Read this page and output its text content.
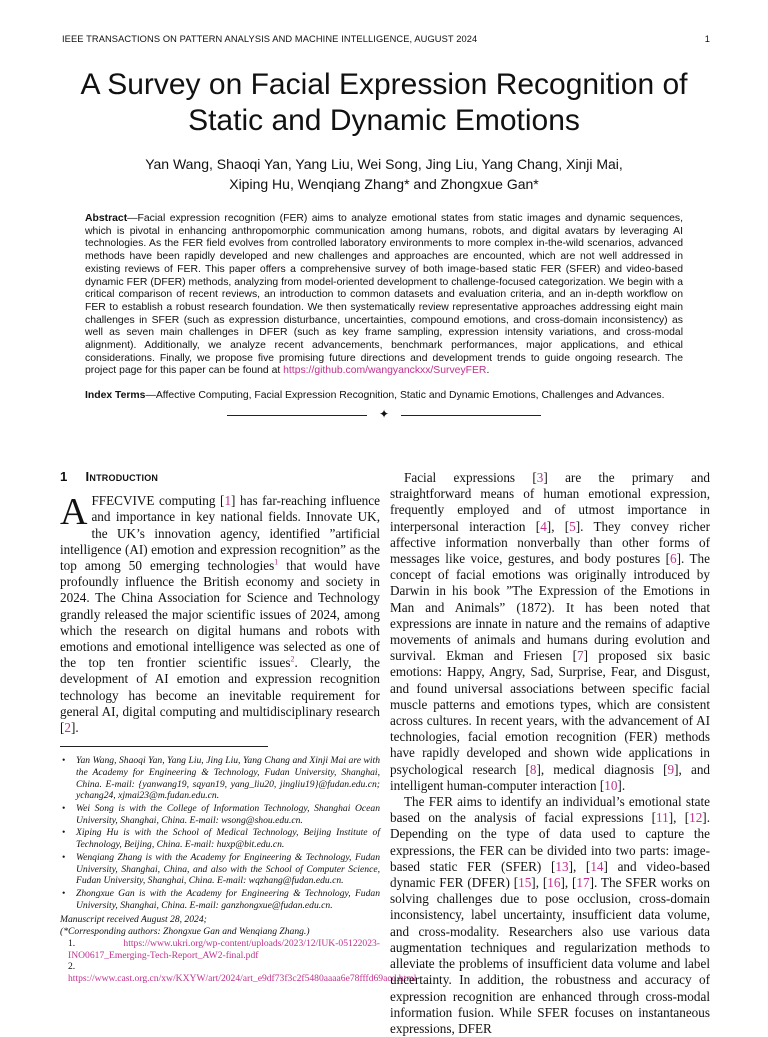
IEEE TRANSACTIONS ON PATTERN ANALYSIS AND MACHINE INTELLIGENCE, AUGUST 2024	1
A Survey on Facial Expression Recognition of
Static and Dynamic Emotions
Yan Wang, Shaoqi Yan, Yang Liu, Wei Song, Jing Liu, Yang Chang, Xinji Mai,
Xiping Hu, Wenqiang Zhang* and Zhongxue Gan*
Abstract—Facial expression recognition (FER) aims to analyze emotional states from static images and dynamic sequences, which is pivotal in enhancing anthropomorphic communication among humans, robots, and digital avatars by leveraging AI technologies. As the FER field evolves from controlled laboratory environments to more complex in-the-wild scenarios, advanced methods have been rapidly developed and new challenges and approaches are encounted, which are not well addressed in existing reviews of FER. This paper offers a comprehensive survey of both image-based static FER (SFER) and video-based dynamic FER (DFER) methods, analyzing from model-oriented development to challenge-focused categorization. We begin with a critical comparison of recent reviews, an introduction to common datasets and evaluation criteria, and an in-depth workflow on FER to establish a robust research foundation. We then systematically review representative approaches addressing eight main challenges in SFER (such as expression disturbance, uncertainties, compound emotions, and cross-domain inconsistency) as well as seven main challenges in DFER (such as key frame sampling, expression intensity variations, and cross-modal alignment). Additionally, we analyze recent advancements, benchmark performances, major applications, and ethical considerations. Finally, we propose five promising future directions and development trends to guide ongoing research. The project page for this paper can be found at https://github.com/wangyanckxx/SurveyFER.
Index Terms—Affective Computing, Facial Expression Recognition, Static and Dynamic Emotions, Challenges and Advances.
✦
1 Introduction

AFFECVIVE computing [1] has far-reaching influence and importance in key national fields. Innovate UK, the UK’s innovation agency, identified ”artificial intelligence (AI) emotion and expression recognition” as the top among 50 emerging technologies$^1$ that would have profoundly influence the British economy and society in 2024. The China Association for Science and Technology grandly released the major scientific issues of 2024, among which the research on digital humans and robots with emotions and emotional intelligence was selected as one of the top ten frontier scientific issues$^2$. Clearly, the development of AI emotion and expression recognition technology has become an inevitable requirement for general AI, digital computing and multidisciplinary research [2].

• Yan Wang, Shaoqi Yan, Yang Liu, Jing Liu, Yang Chang and Xinji Mai are with the Academy for Engineering & Technology, Fudan University, Shanghai, China. E-mail: {yanwang19, sqyan19, yang_liu20, jingliu19}@fudan.edu.cn; ychang24, xjmai23@m.fudan.edu.cn.
• Wei Song is with the College of Information Technology, Shanghai Ocean University, Shanghai, China. E-mail: wsong@shou.edu.cn.
• Xiping Hu is with the School of Medical Technology, Beijing Institute of Technology, Beijing, China. E-mail: huxp@bit.edu.cn.
• Wenqiang Zhang is with the Academy for Engineering & Technology, Fudan University, Shanghai, China, and also with the School of Computer Science, Fudan University, Shanghai, China. E-mail: wqzhang@fudan.edu.cn.
• Zhongxue Gan is with the Academy for Engineering & Technology, Fudan University, Shanghai, China. E-mail: ganzhongxue@fudan.edu.cn.
Manuscript received August 28, 2024;
(*Corresponding authors: Zhongxue Gan and Wenqiang Zhang.)
1.	https://www.ukri.org/wp-content/uploads/2023/12/IUK-05122023-INO0617_Emerging-Tech-Report_AW2-final.pdf
2. https://www.cast.org.cn/xw/KXYW/art/2024/art_e9df73f3c2f5480aaaa6e78fffd69acd.html

Facial expressions [3] are the primary and straightforward means of human emotional expression, frequently employed and of utmost importance in interpersonal interaction [4], [5]. They convey richer affective information nonverbally than other forms of messages like voice, gestures, and body postures [6]. The concept of facial emotions was originally introduced by Darwin in his book ”The Expression of the Emotions in Man and Animals” (1872). It has been noted that expressions are innate in nature and the remains of adaptive movements of animals and humans during evolution and survival. Ekman and Friesen [7] proposed six basic emotions: Happy, Angry, Sad, Surprise, Fear, and Disgust, and found universal associations between specific facial muscle patterns and emotions types, which are consistent across cultures. In recent years, with the advancement of AI technologies, facial emotion recognition (FER) methods have rapidly developed and shown wide applications in psychological research [8], medical diagnosis [9], and intelligent human-computer interaction [10].

The FER aims to identify an individual’s emotional state based on the analysis of facial expressions [11], [12]. Depending on the type of data used to capture the expressions, the FER can be divided into two parts: image-based static FER (SFER) [13], [14] and video-based dynamic FER (DFER) [15], [16], [17]. The SFER works on solving challenges due to pose occlusion, cross-domain inconsistency, label uncertainty, insufficient data volume, and cross-modality. Researchers also use various data augmentation techniques and regularization methods to alleviate the problems of insufficient data volume and label uncertainty. In addition, the robustness and accuracy of expression recognition are enhanced through cross-modal information fusion. While SFER focuses on instantaneous expressions, DFER
